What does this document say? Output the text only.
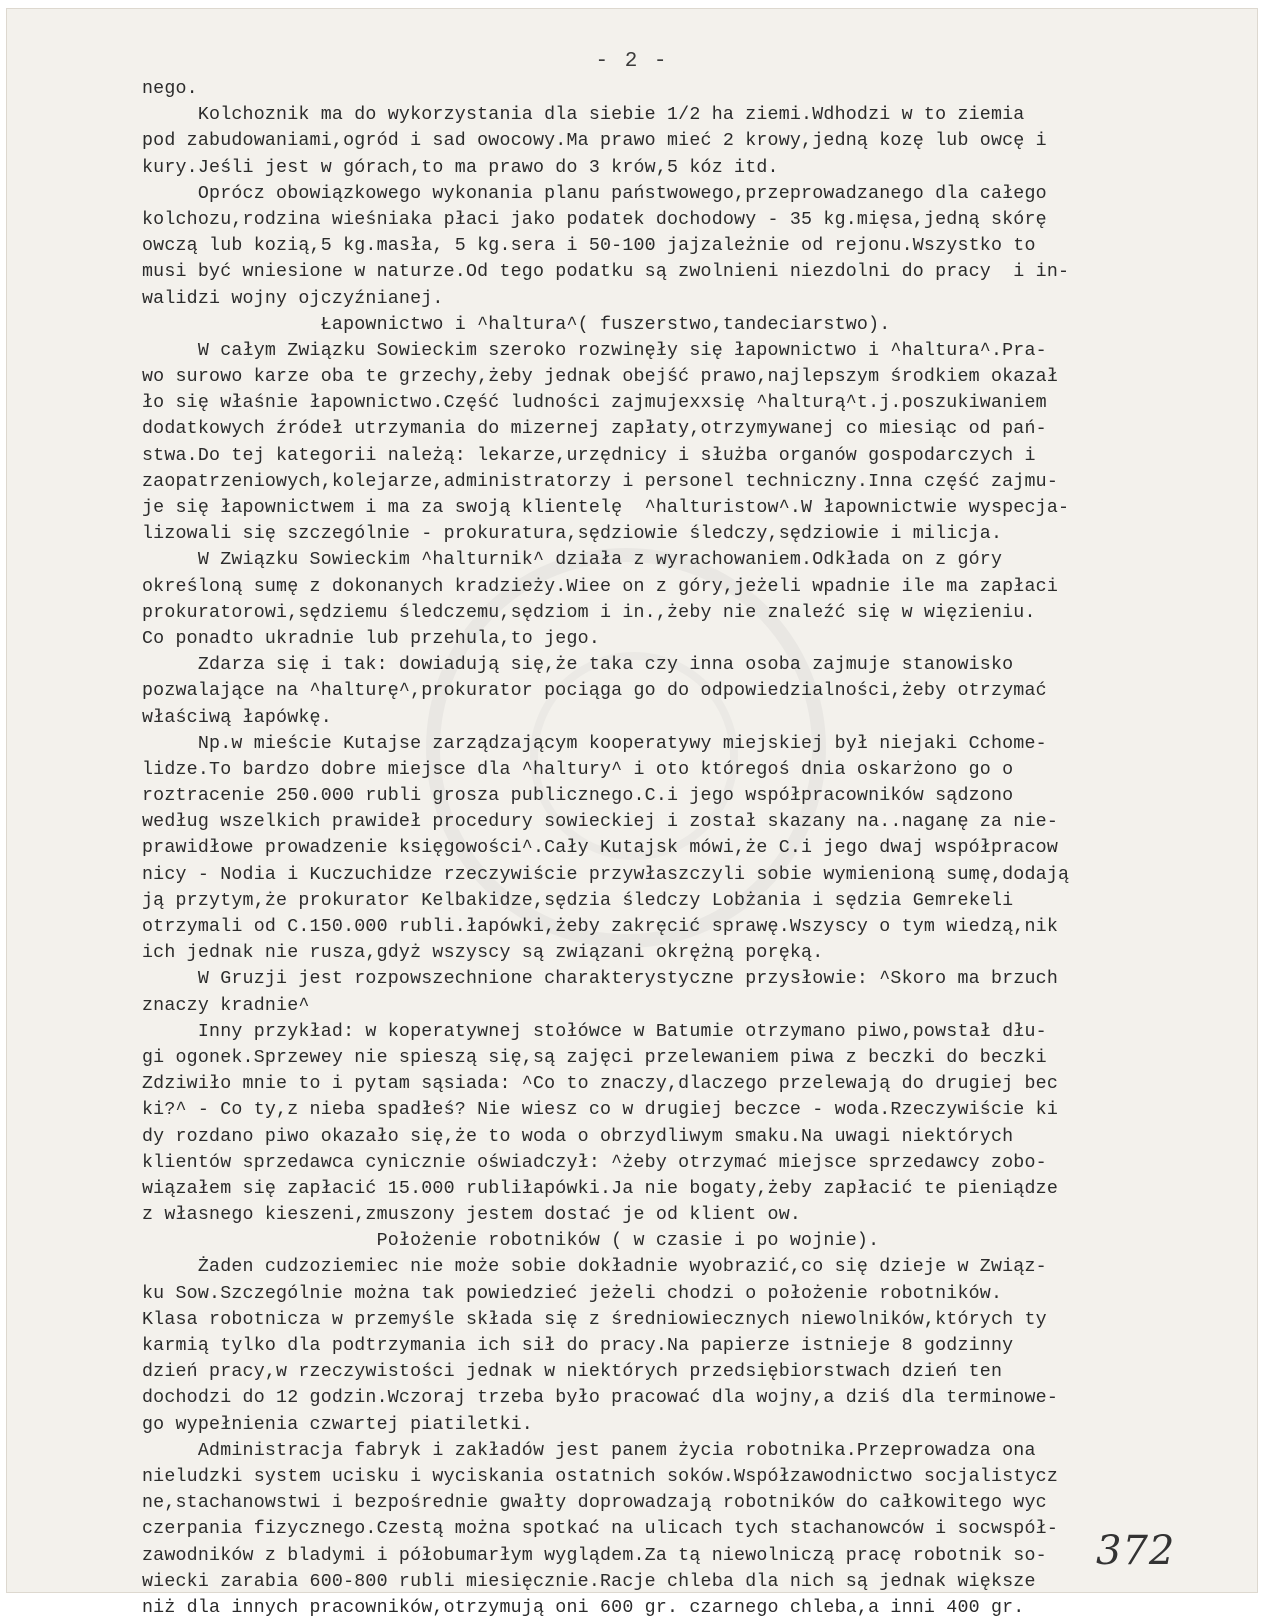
- 2 -
nego.
Kolchoznik ma do wykorzystania dla siebie 1/2 ha ziemi.Wdhodzi w to ziemia
pod zabudowaniami,ogród i sad owocowy.Ma prawo mieć 2 krowy,jedną kozę lub owcę i
kury.Jeśli jest w górach,to ma prawo do 3 krów,5 kóz itd.
Oprócz obowiązkowego wykonania planu państwowego,przeprowadzanego dla całego
kolchozu,rodzina wieśniaka płaci jako podatek dochodowy - 35 kg.mięsa,jedną skórę
owczą lub kozią,5 kg.masła, 5 kg.sera i 50-100 jajzależnie od rejonu.Wszystko to
musi być wniesione w naturze.Od tego podatku są zwolnieni niezdolni do pracy  i in-
walidzi wojny ojczyźnianej.
Łapownictwo i ^haltura^( fuszerstwo,tandeciarstwo).
W całym Związku Sowieckim szeroko rozwinęły się łapownictwo i ^haltura^.Pra-
wo surowo karze oba te grzechy,żeby jednak obejść prawo,najlepszym środkiem okazał
ło się właśnie łapownictwo.Część ludności zajmujexxsię ^halturą^t.j.poszukiwaniem
dodatkowych źródeł utrzymania do mizernej zapłaty,otrzymywanej co miesiąc od pań-
stwa.Do tej kategorii należą: lekarze,urzędnicy i służba organów gospodarczych i
zaopatrzeniowych,kolejarze,administratorzy i personel techniczny.Inna część zajmu-
je się łapownictwem i ma za swoją klientelę  ^halturistow^.W łapownictwie wyspecja-
lizowali się szczególnie - prokuratura,sędziowie śledczy,sędziowie i milicja.
W Związku Sowieckim ^halturnik^ działa z wyrachowaniem.Odkłada on z góry
określoną sumę z dokonanych kradzieży.Wiee on z góry,jeżeli wpadnie ile ma zapłaci
prokuratorowi,sędziemu śledczemu,sędziom i in.,żeby nie znaleźć się w więzieniu.
Co ponadto ukradnie lub przehula,to jego.
Zdarza się i tak: dowiadują się,że taka czy inna osoba zajmuje stanowisko
pozwalające na ^halturę^,prokurator pociąga go do odpowiedzialności,żeby otrzymać
właściwą łapówkę.
Np.w mieście Kutajse zarządzającym kooperatywy miejskiej był niejaki Cchome-
lidze.To bardzo dobre miejsce dla ^haltury^ i oto któregoś dnia oskarżono go o
roztracenie 250.000 rubli grosza publicznego.C.i jego współpracowników sądzono
według wszelkich prawideł procedury sowieckiej i został skazany na..naganę za nie-
prawidłowe prowadzenie księgowości^.Cały Kutajsk mówi,że C.i jego dwaj współpracow
nicy - Nodia i Kuczuchidze rzeczywiście przywłaszczyli sobie wymienioną sumę,dodają
ją przytym,że prokurator Kelbakidze,sędzia śledczy Lobżania i sędzia Gemrekeli
otrzymali od C.150.000 rubli.łapówki,żeby zakręcić sprawę.Wszyscy o tym wiedzą,nik
ich jednak nie rusza,gdyż wszyscy są związani okrężną poręką.
W Gruzji jest rozpowszechnione charakterystyczne przysłowie: ^Skoro ma brzuch
znaczy kradnie^
Inny przykład: w koperatywnej stołówce w Batumie otrzymano piwo,powstał dłu-
gi ogonek.Sprzewey nie spieszą się,są zajęci przelewaniem piwa z beczki do beczki
Zdziwiło mnie to i pytam sąsiada: ^Co to znaczy,dlaczego przelewają do drugiej bec
ki?^ - Co ty,z nieba spadłeś? Nie wiesz co w drugiej beczce - woda.Rzeczywiście ki
dy rozdano piwo okazało się,że to woda o obrzydliwym smaku.Na uwagi niektórych
klientów sprzedawca cynicznie oświadczył: ^żeby otrzymać miejsce sprzedawcy zobo-
wiązałem się zapłacić 15.000 rubliłapówki.Ja nie bogaty,żeby zapłacić te pieniądze
z własnego kieszeni,zmuszony jestem dostać je od klient ow.
Położenie robotników ( w czasie i po wojnie).
Żaden cudzoziemiec nie może sobie dokładnie wyobrazić,co się dzieje w Związ-
ku Sow.Szczególnie można tak powiedzieć jeżeli chodzi o położenie robotników.
Klasa robotnicza w przemyśle składa się z średniowiecznych niewolników,których ty
karmią tylko dla podtrzymania ich sił do pracy.Na papierze istnieje 8 godzinny
dzień pracy,w rzeczywistości jednak w niektórych przedsiębiorstwach dzień ten
dochodzi do 12 godzin.Wczoraj trzeba było pracować dla wojny,a dziś dla terminowe-
go wypełnienia czwartej piatiletki.
Administracja fabryk i zakładów jest panem życia robotnika.Przeprowadza ona
nieludzki system ucisku i wyciskania ostatnich soków.Współzawodnictwo socjalistycz
ne,stachanowstwi i bezpośrednie gwałty doprowadzają robotników do całkowitego wyc
czerpania fizycznego.Czestą można spotkać na ulicach tych stachanowców i socwspół-
zawodników z bladymi i półobumarłym wyglądem.Za tą niewolniczą pracę robotnik so-
wiecki zarabia 600-800 rubli miesięcznie.Racje chleba dla nich są jednak większe
niż dla innych pracowników,otrzymują oni 600 gr. czarnego chleba,a inni 400 gr.
372
